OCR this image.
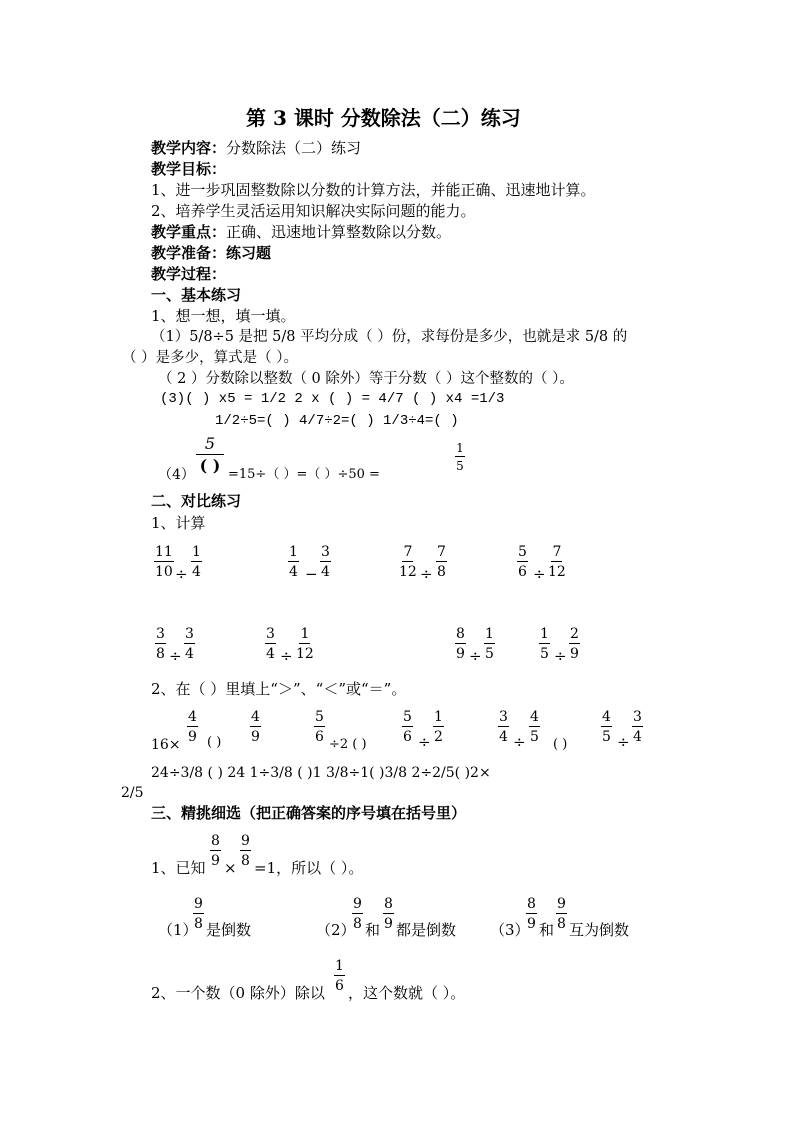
第 3 课时 分数除法（二）练习
教学内容：分数除法（二）练习
教学目标：
1、进一步巩固整数除以分数的计算方法，并能正确、迅速地计算。
2、培养学生灵活运用知识解决实际问题的能力。
教学重点：正确、迅速地计算整数除以分数。
教学准备：练习题
教学过程：
一、基本练习
1、想一想，填一填。
（1）5/8÷5 是把 5/8 平均分成（ ）份，求每份是多少，也就是求 5/8 的
（ ）是多少，算式是（ ）。
（ 2 ）分数除以整数（ 0 除外）等于分数（ ）这个整数的（ ）。
(3)( ) x5 = 1/2 2 x ( ) = 4/7 ( ) x4 =1/3
1/2÷5=( ) 4/7÷2=( ) 1/3÷4=( )
（4）
5
( ) =15÷（ ）=（ ）÷50 =
$\frac{1}{5}$
二、对比练习
1、计算
$\frac{11}{10} \div \frac{1}{4}$	$\frac{1}{4} - \frac{3}{4}$	$\frac{7}{12} \div \frac{7}{8}$	$\frac{5}{6} \div \frac{7}{12}$
$\frac{3}{8} \div \frac{3}{4}$	$\frac{3}{4} \div \frac{1}{12}$	$\frac{8}{9} \div \frac{1}{5}$	$\frac{1}{5} \div \frac{2}{9}$
2、在（ ）里填上“＞”、“＜”或“＝”。
16×
$\frac{4}{9}$ ( ) $\frac{4}{9}$	$\frac{5}{6}$
÷2 ( )
$\frac{5}{6} \div \frac{1}{2}$	$\frac{3}{4} \div \frac{4}{5}$
( )
$\frac{4}{5} \div \frac{3}{4}$
24÷3/8 ( ) 24 1÷3/8 ( )1 3/8÷1( )3/8 2÷2/5( )2×
2/5
三、精挑细选（把正确答案的序号填在括号里）
1、已知 $\frac{8}{9} \times \frac{9}{8} =1$，所以（ ）。
（1）
$\frac{9}{8}$ 是倒数	（2）
$\frac{9}{8}$ 和 $\frac{8}{9}$ 都是倒数 （3）
$\frac{8}{9}$ 和 $\frac{9}{8}$ 互为倒数
2、一个数（0 除外）除以 $\frac{1}{6}$ ，这个数就（ ）。
